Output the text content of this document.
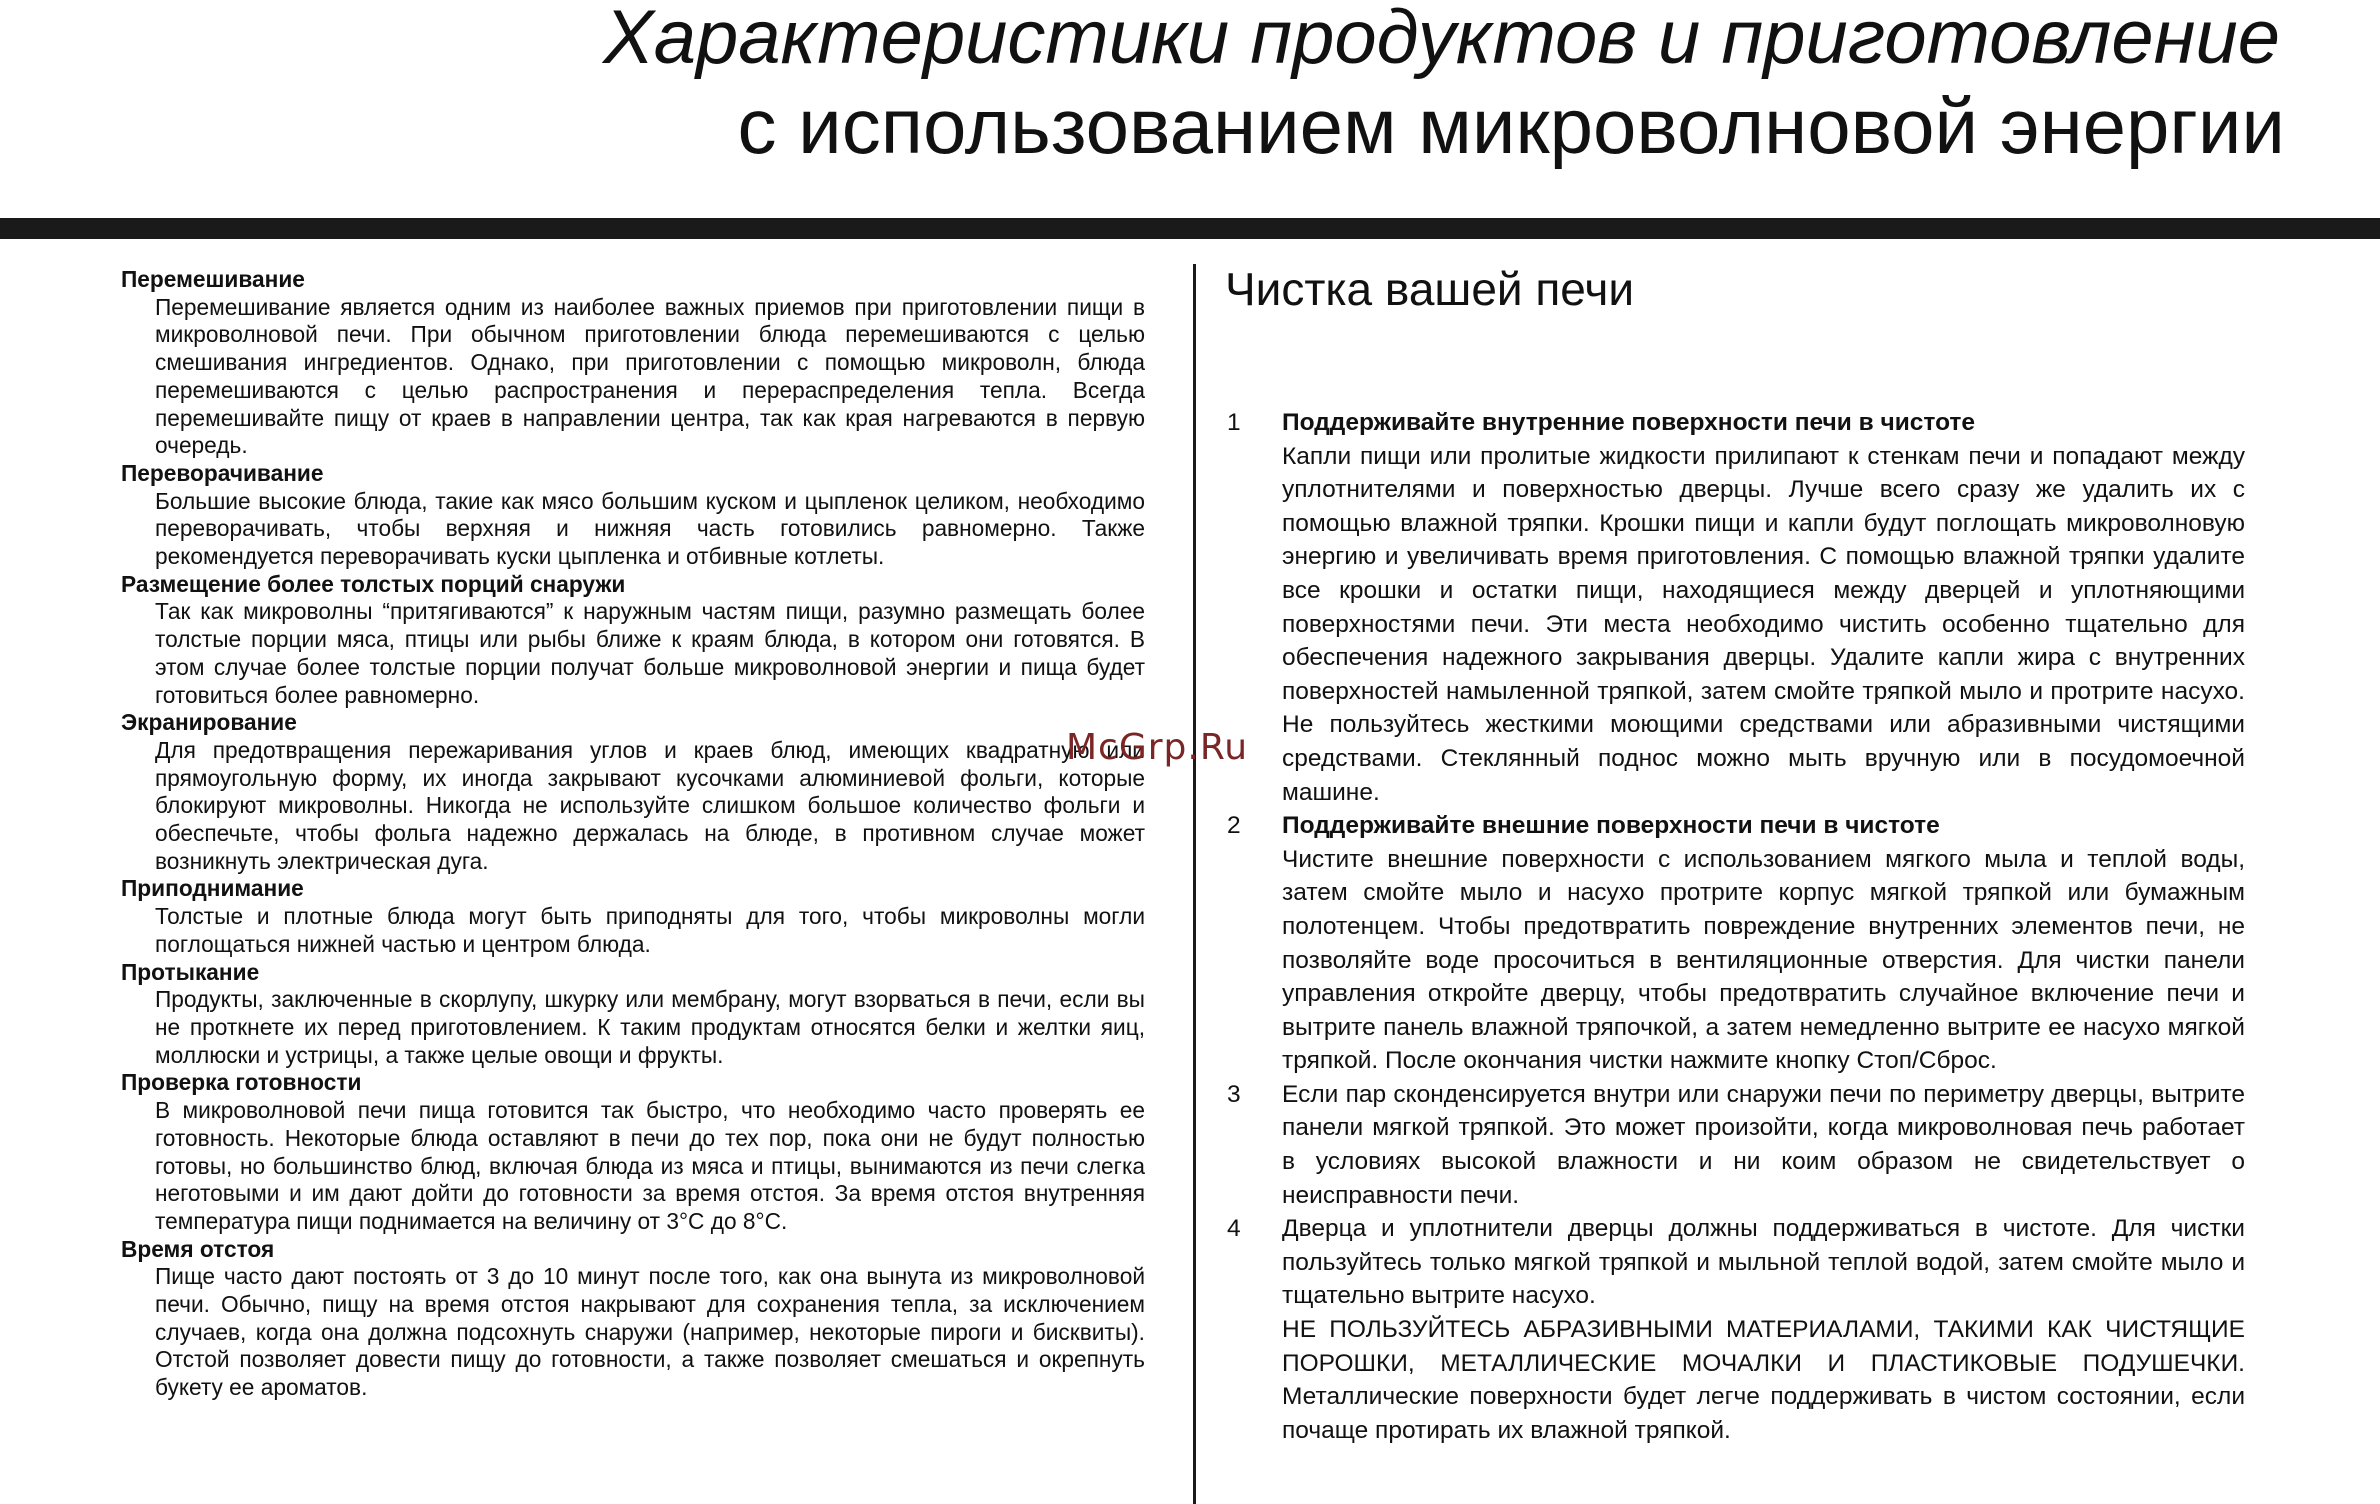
Характеристики продуктов и приготовление
с использованием микроволновой энергии
Перемешивание

Перемешивание является одним из наиболее важных приемов при приготовлении пищи в микроволновой печи. При обычном приготовлении блюда перемешиваются с целью смешивания ингредиентов. Однако, при приготовлении с помощью микроволн, блюда перемешиваются с целью распространения и перераспределения тепла. Всегда перемешивайте пищу от краев в направлении центра, так как края нагреваются в первую очередь.

Переворачивание

Большие высокие блюда, такие как мясо большим куском и цыпленок целиком, необходимо переворачивать, чтобы верхняя и нижняя часть готовились равномерно. Также рекомендуется переворачивать куски цыпленка и отбивные котлеты.

Размещение более толстых порций снаружи

Так как микроволны “притягиваются” к наружным частям пищи, разумно размещать более толстые порции мяса, птицы или рыбы ближе к краям блюда, в котором они готовятся. В этом случае более толстые порции получат больше микроволновой энергии и пища будет готовиться более равномерно.

Экранирование

Для предотвращения пережаривания углов и краев блюд, имеющих квадратную или прямоугольную форму, их иногда закрывают кусочками алюминиевой фольги, которые блокируют микроволны. Никогда не используйте слишком большое количество фольги и обеспечьте, чтобы фольга надежно держалась на блюде, в противном случае может возникнуть электрическая дуга.

Приподнимание

Толстые и плотные блюда могут быть приподняты для того, чтобы микроволны могли поглощаться нижней частью и центром блюда.

Протыкание

Продукты, заключенные в скорлупу, шкурку или мембрану, могут взорваться в печи, если вы не проткнете их перед приготовлением. К таким продуктам относятся белки и желтки яиц, моллюски и устрицы, а также целые овощи и фрукты.

Проверка готовности

В микроволновой печи пища готовится так быстро, что необходимо часто проверять ее готовность. Некоторые блюда оставляют в печи до тех пор, пока они не будут полностью готовы, но большинство блюд, включая блюда из мяса и птицы, вынимаются из печи слегка неготовыми и им дают дойти до готовности за время отстоя. За время отстоя внутренняя температура пищи поднимается на величину от 3°С до 8°С.

Время отстоя

Пище часто дают постоять от 3 до 10 минут после того, как она вынута из микроволновой печи. Обычно, пищу на время отстоя накрывают для сохранения тепла, за исключением случаев, когда она должна подсохнуть снаружи (например, некоторые пироги и бисквиты). Отстой позволяет довести пищу до готовности, а также позволяет смешаться и окрепнуть букету ее ароматов.

Чистка вашей печи
1 Поддерживайте внутренние поверхности печи в чистоте

Капли пищи или пролитые жидкости прилипают к стенкам печи и попадают между уплотнителями и поверхностью дверцы. Лучше всего сразу же удалить их с помощью влажной тряпки. Крошки пищи и капли будут поглощать микроволновую энергию и увеличивать время приготовления. С помощью влажной тряпки удалите все крошки и остатки пищи, находящиеся между дверцей и уплотняющими поверхностями печи. Эти места необходимо чистить особенно тщательно для обеспечения надежного закрывания дверцы. Удалите капли жира с внутренних поверхностей намыленной тряпкой, затем смойте тряпкой мыло и протрите насухо. Не пользуйтесь жесткими моющими средствами или абразивными чистящими средствами. Стеклянный поднос можно мыть вручную или в посудомоечной машине.

2 Поддерживайте внешние поверхности печи в чистоте

Чистите внешние поверхности с использованием мягкого мыла и теплой воды, затем смойте мыло и насухо протрите корпус мягкой тряпкой или бумажным полотенцем. Чтобы предотвратить повреждение внутренних элементов печи, не позволяйте воде просочиться в вентиляционные отверстия. Для чистки панели управления откройте дверцу, чтобы предотвратить случайное включение печи и вытрите панель влажной тряпочкой, а затем немедленно вытрите ее насухо мягкой тряпкой. После окончания чистки нажмите кнопку Стоп/Сброс.

3 Если пар сконденсируется внутри или снаружи печи по периметру дверцы, вытрите панели мягкой тряпкой. Это может произойти, когда микроволновая печь работает в условиях высокой влажности и ни коим образом не свидетельствует о неисправности печи.

4 Дверца и уплотнители дверцы должны поддерживаться в чистоте. Для чистки пользуйтесь только мягкой тряпкой и мыльной теплой водой, затем смойте мыло и тщательно вытрите насухо.

НЕ ПОЛЬЗУЙТЕСЬ АБРАЗИВНЫМИ МАТЕРИАЛАМИ, ТАКИМИ КАК ЧИСТЯЩИЕ ПОРОШКИ, МЕТАЛЛИЧЕСКИЕ МОЧАЛКИ И ПЛАСТИКОВЫЕ ПОДУШЕЧКИ. Металлические поверхности будет легче поддерживать в чистом состоянии, если почаще протирать их влажной тряпкой.

McGrp.Ru
